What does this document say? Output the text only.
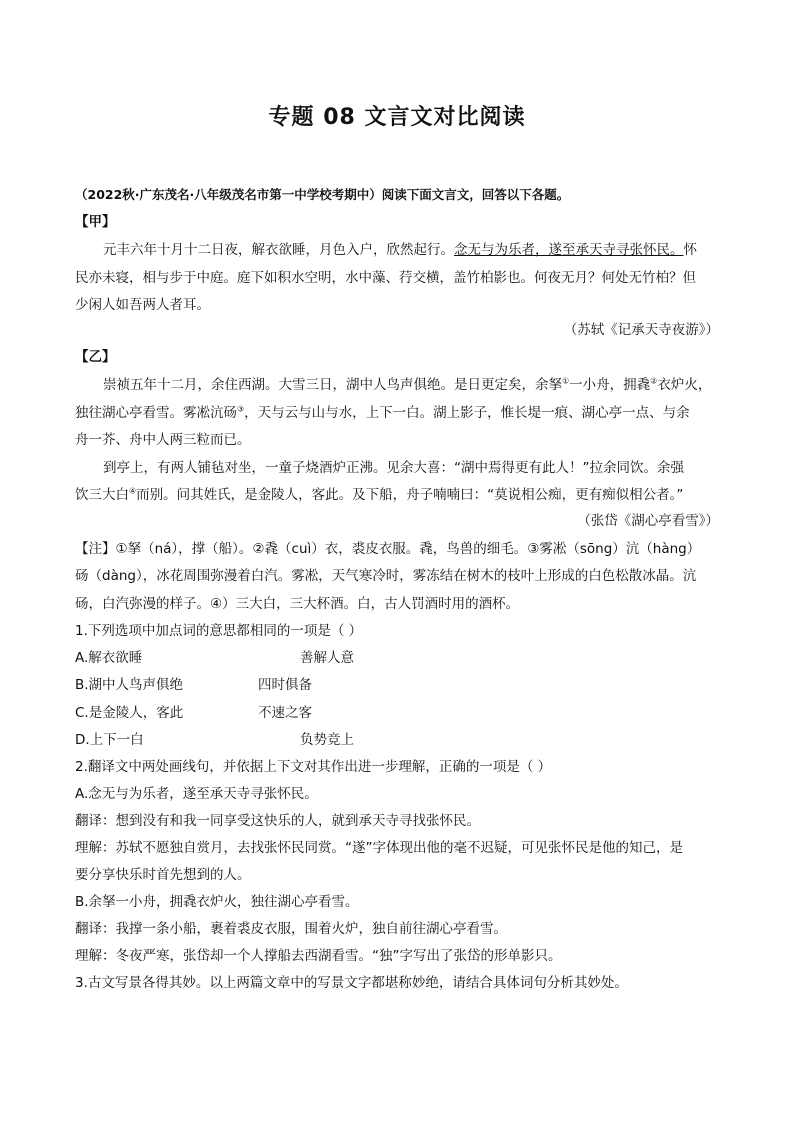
专题 08 文言文对比阅读
（2022秋·广东茂名·八年级茂名市第一中学校考期中）阅读下面文言文，回答以下各题。
【甲】
元丰六年十月十二日夜，解衣欲睡，月色入户，欣然起行。念无与为乐者，遂至承天寺寻张怀民。怀
民亦未寝，相与步于中庭。庭下如积水空明，水中藻、荇交横，盖竹柏影也。何夜无月？何处无竹柏？但
少闲人如吾两人者耳。
（苏轼《记承天寺夜游》）
【乙】
崇祯五年十二月，余住西湖。大雪三日，湖中人鸟声俱绝。是日更定矣，余拏①一小舟，拥毳②衣炉火，
独往湖心亭看雪。雾凇沆砀③，天与云与山与水，上下一白。湖上影子，惟长堤一痕、湖心亭一点、与余
舟一芥、舟中人两三粒而已。
到亭上，有两人铺毡对坐，一童子烧酒炉正沸。见余大喜：“湖中焉得更有此人！”拉余同饮。余强
饮三大白④而别。问其姓氏，是金陵人，客此。及下船，舟子喃喃曰：“莫说相公痴，更有痴似相公者。”
（张岱《湖心亭看雪》）
【注】①拏（ná），撑（船）。②毳（cuì）衣，裘皮衣服。毳，鸟兽的细毛。③雾凇（sōng）沆（hàng）
砀（dàng），冰花周围弥漫着白汽。雾凇，天气寒冷时，雾冻结在树木的枝叶上形成的白色松散冰晶。沆
砀，白汽弥漫的样子。④）三大白，三大杯酒。白，古人罚酒时用的酒杯。
1.下列选项中加点词的意思都相同的一项是（ ）
A.解衣欲睡	善解人意
B.湖中人鸟声俱绝	四时俱备
C.是金陵人，客此	不速之客
D.上下一白	负势竞上
2.翻译文中两处画线句，并依据上下文对其作出进一步理解，正确的一项是（ ）
A.念无与为乐者，遂至承天寺寻张怀民。
翻译：想到没有和我一同享受这快乐的人，就到承天寺寻找张怀民。
理解：苏轼不愿独自赏月，去找张怀民同赏。“遂”字体现出他的毫不迟疑，可见张怀民是他的知己，是
要分享快乐时首先想到的人。
B.余拏一小舟，拥毳衣炉火，独往湖心亭看雪。
翻译：我撑一条小船，裹着裘皮衣服，围着火炉，独自前往湖心亭看雪。
理解：冬夜严寒，张岱却一个人撑船去西湖看雪。“独”字写出了张岱的形单影只。
3.古文写景各得其妙。以上两篇文章中的写景文字都堪称妙绝，请结合具体词句分析其妙处。
